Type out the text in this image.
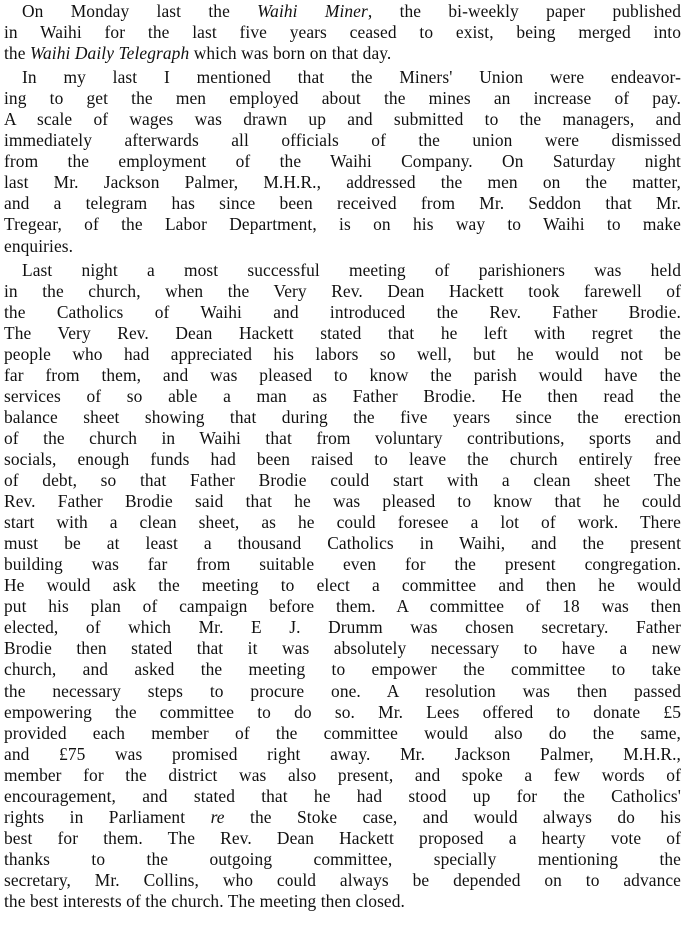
On Monday last the Waihi Miner, the bi-weekly paper published
in Waihi for the last five years ceased to exist, being merged into
the Waihi Daily Telegraph which was born on that day.

In my last I mentioned that the Miners' Union were endeavor-
ing to get the men employed about the mines an increase of pay.
A scale of wages was drawn up and submitted to the managers, and
immediately afterwards all officials of the union were dismissed
from the employment of the Waihi Company. On Saturday night
last Mr. Jackson Palmer, M.H.R., addressed the men on the matter,
and a telegram has since been received from Mr. Seddon that Mr.
Tregear, of the Labor Department, is on his way to Waihi to make
enquiries.

Last night a most successful meeting of parishioners was held
in the church, when the Very Rev. Dean Hackett took farewell of
the Catholics of Waihi and introduced the Rev. Father Brodie.
The Very Rev. Dean Hackett stated that he left with regret the
people who had appreciated his labors so well, but he would not be
far from them, and was pleased to know the parish would have the
services of so able a man as Father Brodie. He then read the
balance sheet showing that during the five years since the erection
of the church in Waihi that from voluntary contributions, sports and
socials, enough funds had been raised to leave the church entirely free
of debt, so that Father Brodie could start with a clean sheet The
Rev. Father Brodie said that he was pleased to know that he could
start with a clean sheet, as he could foresee a lot of work. There
must be at least a thousand Catholics in Waihi, and the present
building was far from suitable even for the present congregation.
He would ask the meeting to elect a committee and then he would
put his plan of campaign before them. A committee of 18 was then
elected, of which Mr. E J. Drumm was chosen secretary. Father
Brodie then stated that it was absolutely necessary to have a new
church, and asked the meeting to empower the committee to take
the necessary steps to procure one. A resolution was then passed
empowering the committee to do so. Mr. Lees offered to donate £5
provided each member of the committee would also do the same,
and £75 was promised right away. Mr. Jackson Palmer, M.H.R.,
member for the district was also present, and spoke a few words of
encouragement, and stated that he had stood up for the Catholics'
rights in Parliament re the Stoke case, and would always do his
best for them. The Rev. Dean Hackett proposed a hearty vote of
thanks to the outgoing committee, specially mentioning the
secretary, Mr. Collins, who could always be depended on to advance
the best interests of the church. The meeting then closed.
